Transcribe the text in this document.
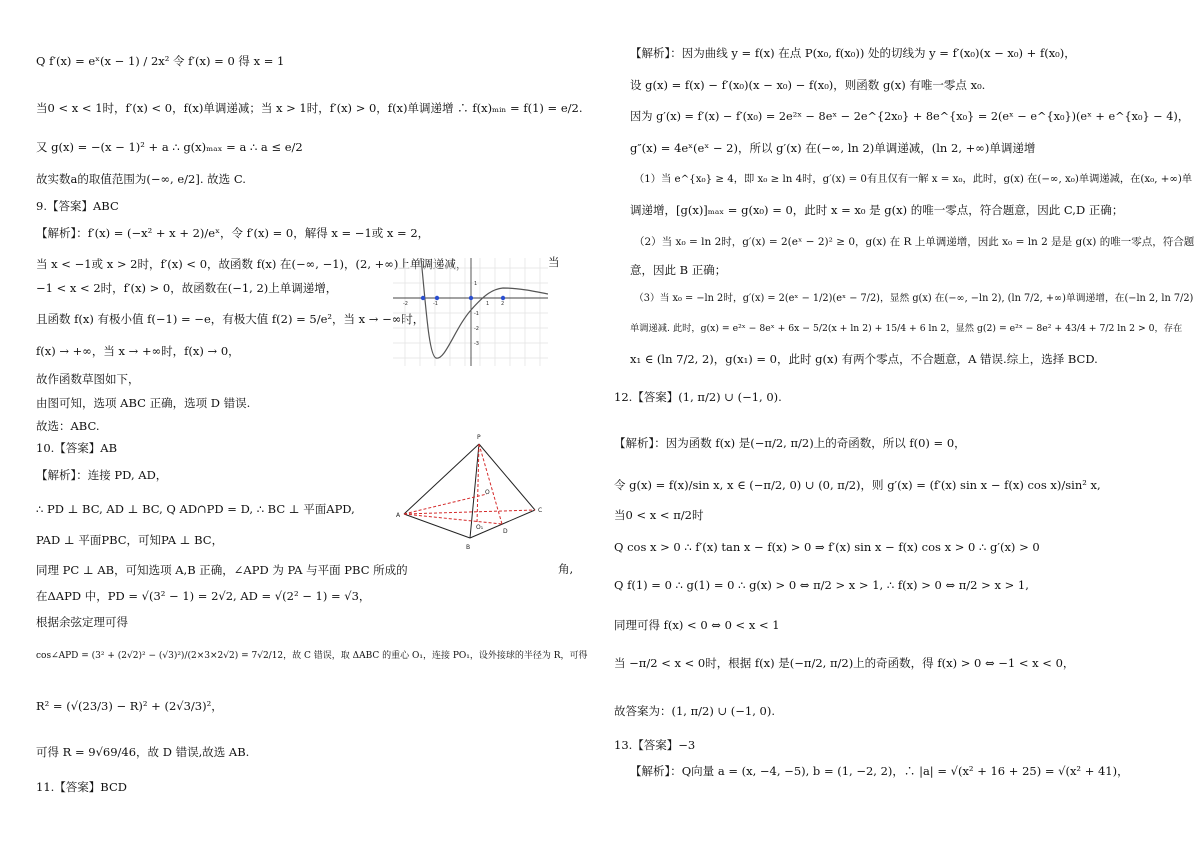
Q f′(x) = eˣ(x − 1) / 2x² 令 f′(x) = 0 得 x = 1
当0 < x < 1时，f′(x) < 0，f(x)单调递减；当 x > 1时，f′(x) > 0，f(x)单调递增 ∴ f(x)ₘᵢₙ = f(1) = e/2.
又 g(x) = −(x − 1)² + a ∴ g(x)ₘₐₓ = a ∴ a ≤ e/2
故实数a的取值范围为(−∞, e/2]. 故选 C.
9.【答案】ABC
【解析】：f′(x) = (−x² + x + 2)/eˣ，令 f′(x) = 0，解得 x = −1或 x = 2，
当 x < −1或 x > 2时，f′(x) < 0，故函数 f(x) 在(−∞, −1)，(2, +∞)上单调递减，
−1 < x < 2时，f′(x) > 0，故函数在(−1, 2)上单调递增，
且函数 f(x) 有极小值 f(−1) = −e，有极大值 f(2) = 5/e²，当 x → −∞时，
f(x) → +∞，当 x → +∞时，f(x) → 0，
故作函数草图如下，
由图可知，选项 ABC 正确，选项 D 错误.
故选：ABC.
10.【答案】AB
【解析】：连接 PD, AD，
∴ PD ⊥ BC, AD ⊥ BC, Q AD∩PD = D, ∴ BC ⊥ 平面APD,
PAD ⊥ 平面PBC，可知PA ⊥ BC，
同理 PC ⊥ AB，可知选项 A,B 正确，∠APD 为 PA 与平面 PBC 所成的
在ΔAPD 中，PD = √(3² − 1) = 2√2, AD = √(2² − 1) = √3，
根据余弦定理可得
cos∠APD = (3² + (2√2)² − (√3)²)/(2×3×2√2) = 7√2/12，故 C 错误，取 ΔABC 的重心 O₁，连接 PO₁，设外接球的半径为 R，可得
R² = (√(23/3) − R)² + (2√3/3)²，
可得 R = 9√69/46，故 D 错误,故选 AB.
11.【答案】BCD
当
角,
-2	-1	1 2
1
-1
-2
-3
P
A
B
C
D
O
O₁
【解析】：因为曲线 y = f(x) 在点 P(x₀, f(x₀)) 处的切线为 y = f′(x₀)(x − x₀) + f(x₀)，
设 g(x) = f(x) − f′(x₀)(x − x₀) − f(x₀)，则函数 g(x) 有唯一零点 x₀.
因为 g′(x) = f′(x) − f′(x₀) = 2e²ˣ − 8eˣ − 2e^{2x₀} + 8e^{x₀} = 2(eˣ − e^{x₀})(eˣ + e^{x₀} − 4)，
g″(x) = 4eˣ(eˣ − 2)，所以 g′(x) 在(−∞, ln 2)单调递减，(ln 2, +∞)单调递增
（1）当 e^{x₀} ≥ 4，即 x₀ ≥ ln 4时，g′(x) = 0有且仅有一解 x = x₀，此时，g(x) 在(−∞, x₀)单调递减，在(x₀, +∞)单
调递增，[g(x)]ₘₐₓ = g(x₀) = 0，此时 x = x₀ 是 g(x) 的唯一零点，符合题意，因此 C,D 正确；
（2）当 x₀ = ln 2时，g′(x) = 2(eˣ − 2)² ≥ 0，g(x) 在 R 上单调递增，因此 x₀ = ln 2 是是 g(x) 的唯一零点，符合题
意，因此 B 正确；
（3）当 x₀ = −ln 2时，g′(x) = 2(eˣ − 1/2)(eˣ − 7/2)，显然 g(x) 在(−∞, −ln 2), (ln 7/2, +∞)单调递增，在(−ln 2, ln 7/2)
单调递减. 此时，g(x) = e²ˣ − 8eˣ + 6x − 5/2(x + ln 2) + 15/4 + 6 ln 2，显然 g(2) = e²ˣ − 8e² + 43/4 + 7/2 ln 2 > 0，存在
x₁ ∈ (ln 7/2, 2)，g(x₁) = 0，此时 g(x) 有两个零点，不合题意，A 错误.综上，选择 BCD.
12.【答案】(1, π/2) ∪ (−1, 0).
【解析】：因为函数 f(x) 是(−π/2, π/2)上的奇函数，所以 f(0) = 0，
令 g(x) = f(x)/sin x, x ∈ (−π/2, 0) ∪ (0, π/2)，则 g′(x) = (f′(x) sin x − f(x) cos x)/sin² x,
当0 < x < π/2时
Q cos x > 0 ∴ f′(x) tan x − f(x) > 0 ⇒ f′(x) sin x − f(x) cos x > 0 ∴ g′(x) > 0
Q f(1) = 0 ∴ g(1) = 0 ∴ g(x) > 0 ⇔ π/2 > x > 1, ∴ f(x) > 0 ⇔ π/2 > x > 1,
同理可得 f(x) < 0 ⇔ 0 < x < 1
当 −π/2 < x < 0时，根据 f(x) 是(−π/2, π/2)上的奇函数，得 f(x) > 0 ⇔ −1 < x < 0，
故答案为：(1, π/2) ∪ (−1, 0).
13.【答案】−3
【解析】：Q向量 a = (x, −4, −5), b = (1, −2, 2)，∴ |a| = √(x² + 16 + 25) = √(x² + 41)，
